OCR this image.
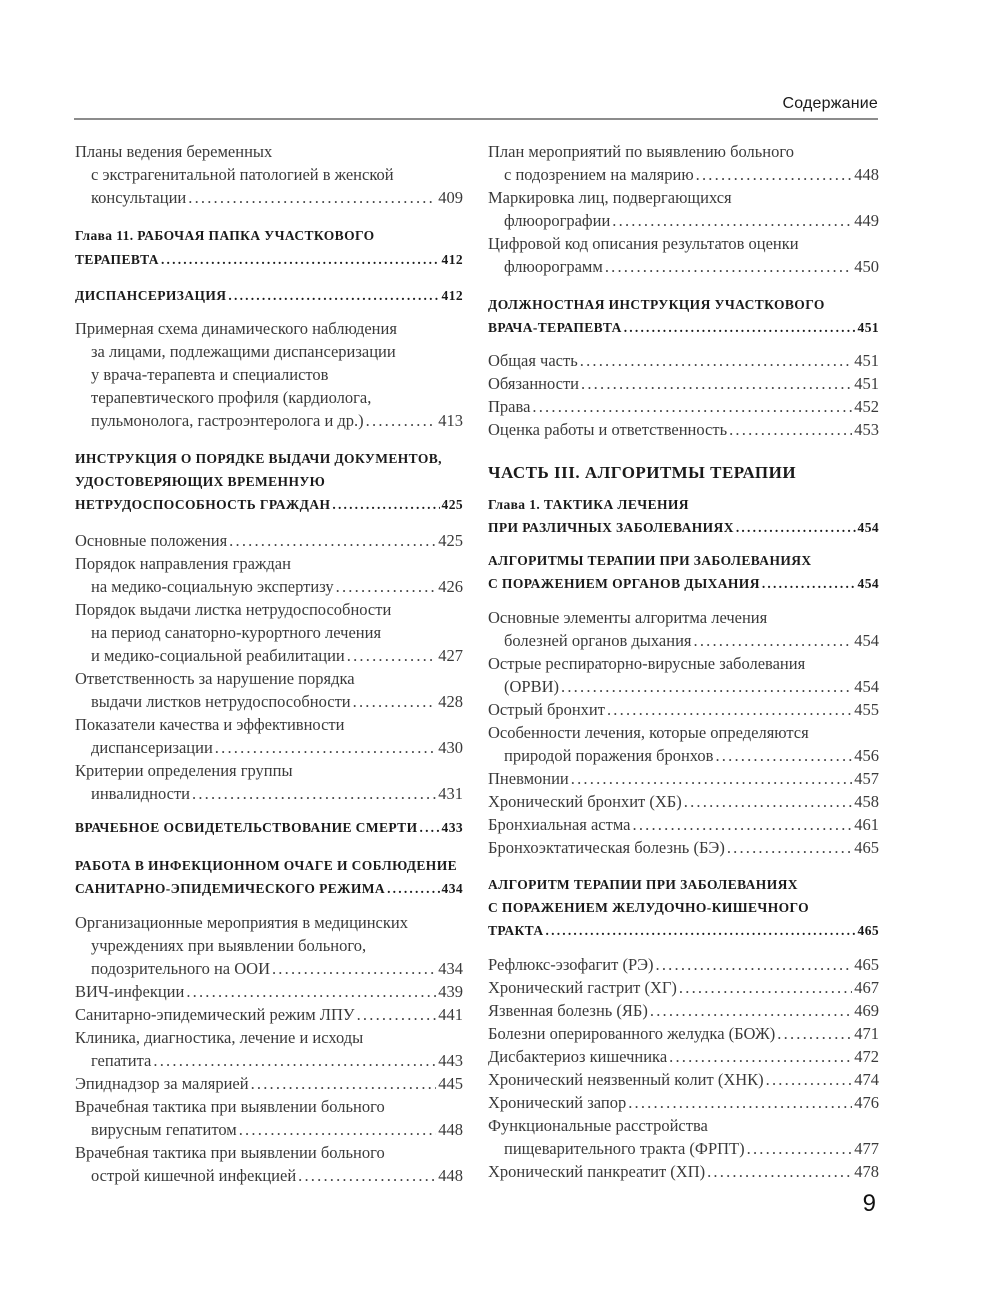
Содержание
Планы ведения беременных
с экстрагенитальной патологией в женской
консультации .....	409
Глава 11. РАБОЧАЯ ПАПКА УЧАСТКОВОГО
ТЕРАПЕВТА .....	412
ДИСПАНСЕРИЗАЦИЯ .....	412
Примерная схема динамического наблюдения
за лицами, подлежащими диспансеризации
у врача-терапевта и специалистов
терапевтического профиля (кардиолога,
пульмонолога, гастроэнтеролога и др.) .....	413
ИНСТРУКЦИЯ О ПОРЯДКЕ ВЫДАЧИ ДОКУМЕНТОВ,
УДОСТОВЕРЯЮЩИХ ВРЕМЕННУЮ
НЕТРУДОСПОСОБНОСТЬ ГРАЖДАН .....	425
Основные положения .....	425
Порядок направления граждан
на медико-социальную экспертизу .....	426
Порядок выдачи листка нетрудоспособности
на период санаторно-курортного лечения
и медико-социальной реабилитации .....	427
Ответственность за нарушение порядка
выдачи листков нетрудоспособности .....	428
Показатели качества и эффективности
диспансеризации .....	430
Критерии определения группы
инвалидности .....	431
ВРАЧЕБНОЕ ОСВИДЕТЕЛЬСТВОВАНИЕ СМЕРТИ ..... 433
РАБОТА В ИНФЕКЦИОННОМ ОЧАГЕ И СОБЛЮДЕНИЕ
САНИТАРНО-ЭПИДЕМИЧЕСКОГО РЕЖИМА .....	434
Организационные мероприятия в медицинских
учреждениях при выявлении больного,
подозрительного на ООИ .....	434
ВИЧ-инфекции .....	439
Санитарно-эпидемический режим ЛПУ .....	441
Клиника, диагностика, лечение и исходы
гепатита .....	443
Эпиднадзор за малярией .....	445
Врачебная тактика при выявлении больного
вирусным гепатитом .....	448
Врачебная тактика при выявлении больного
острой кишечной инфекцией .....	448
План мероприятий по выявлению больного
с подозрением на малярию .....	448
Маркировка лиц, подвергающихся
флюорографии .....	449
Цифровой код описания результатов оценки
флюорограмм .....	450
ДОЛЖНОСТНАЯ ИНСТРУКЦИЯ УЧАСТКОВОГО
ВРАЧА-ТЕРАПЕВТА .....	451
Общая часть .....	451
Обязанности .....	451
Права .....	452
Оценка работы и ответственность .....	453
ЧАСТЬ III. АЛГОРИТМЫ ТЕРАПИИ
Глава 1. ТАКТИКА ЛЕЧЕНИЯ
ПРИ РАЗЛИЧНЫХ ЗАБОЛЕВАНИЯХ .....	454
АЛГОРИТМЫ ТЕРАПИИ ПРИ ЗАБОЛЕВАНИЯХ
С ПОРАЖЕНИЕМ ОРГАНОВ ДЫХАНИЯ .....	454
Основные элементы алгоритма лечения
болезней органов дыхания .....	454
Острые респираторно-вирусные заболевания
(ОРВИ) .....	454
Острый бронхит .....	455
Особенности лечения, которые определяются
природой поражения бронхов .....	456
Пневмонии .....	457
Хронический бронхит (ХБ) .....	458
Бронхиальная астма .....	461
Бронхоэктатическая болезнь (БЭ) .....	465
АЛГОРИТМ ТЕРАПИИ ПРИ ЗАБОЛЕВАНИЯХ
С ПОРАЖЕНИЕМ ЖЕЛУДОЧНО-КИШЕЧНОГО
ТРАКТА .....	465
Рефлюкс-эзофагит (РЭ) .....	465
Хронический гастрит (ХГ) .....	467
Язвенная болезнь (ЯБ) .....	469
Болезни оперированного желудка (БОЖ) .....	471
Дисбактериоз кишечника .....	472
Хронический неязвенный колит (ХНК) .....	474
Хронический запор .....	476
Функциональные расстройства
пищеварительного тракта (ФРПТ) .....	477
Хронический панкреатит (ХП) .....	478
9
